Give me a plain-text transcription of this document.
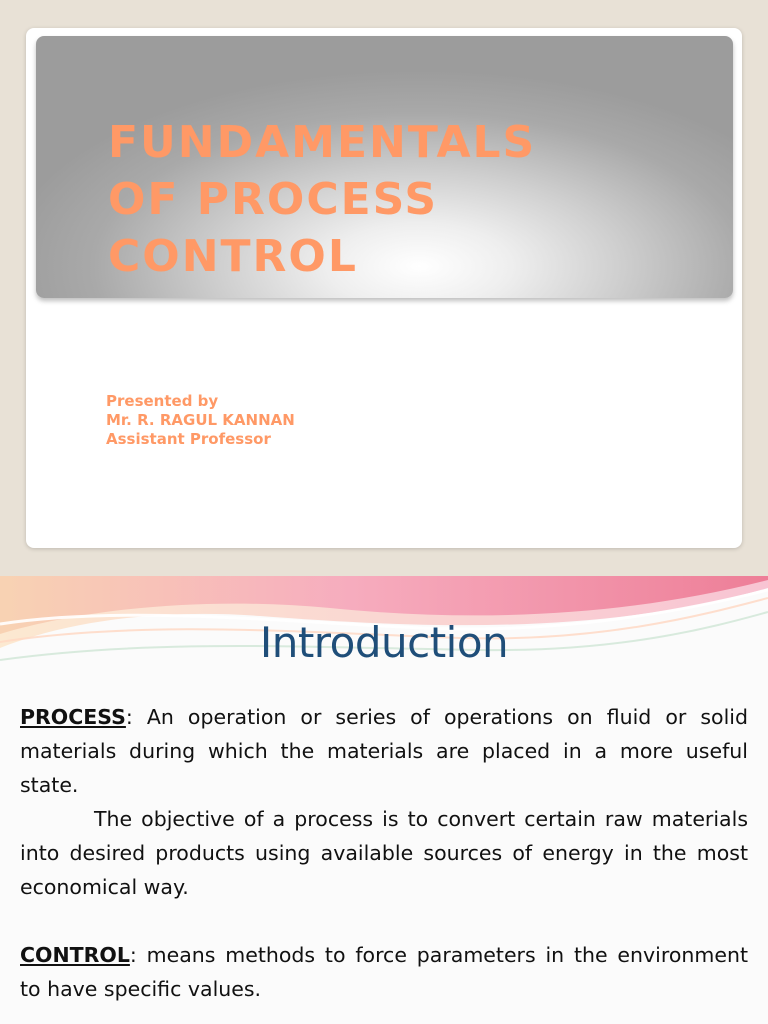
FUNDAMENTALS
OF PROCESS
CONTROL
Presented by
Mr. R. RAGUL KANNAN
Assistant Professor
Introduction

PROCESS: An operation or series of operations on fluid or solid materials during which the materials are placed in a more useful state.

The objective of a process is to convert certain raw materials into desired products using available sources of energy in the most economical way.

CONTROL: means methods to force parameters in the environment to have specific values.
